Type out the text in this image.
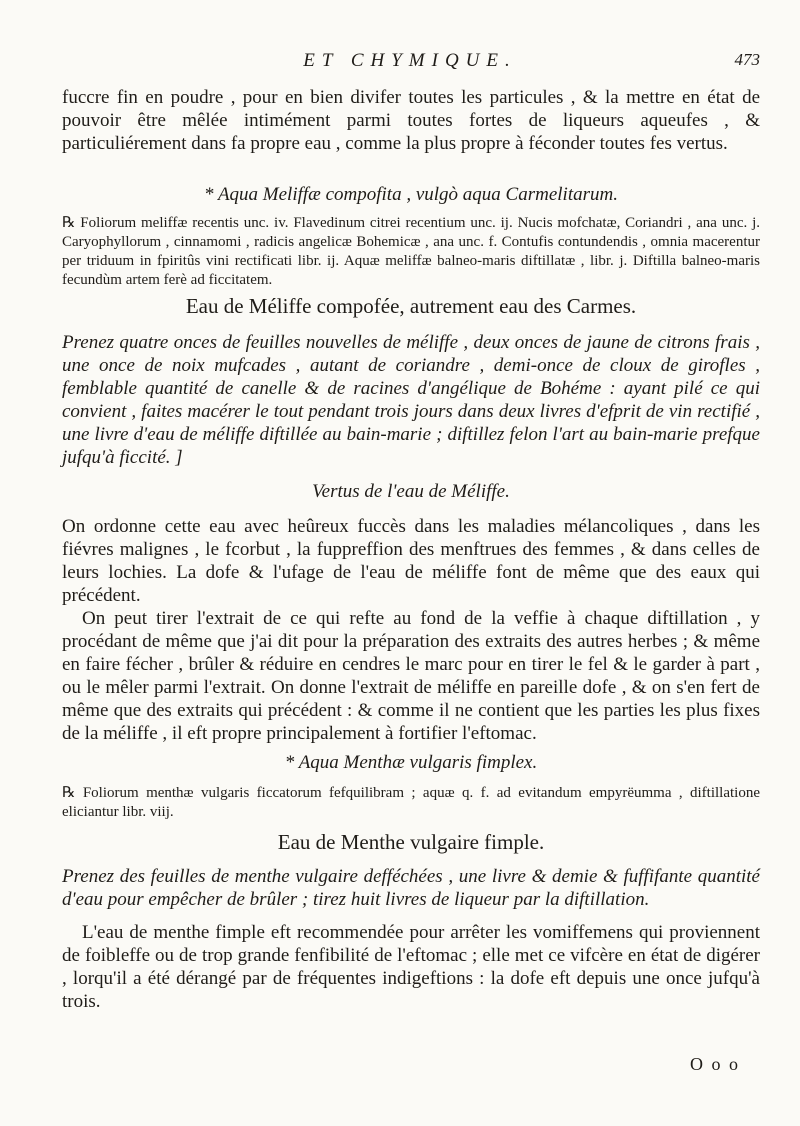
ET CHYMIQUE.	473

fuccre fin en poudre , pour en bien divifer toutes les particules , & la mettre en état de pouvoir être mêlée intimément parmi toutes fortes de liqueurs aqueufes , & particuliérement dans fa propre eau , comme la plus propre à féconder toutes fes vertus.

* Aqua Meliffæ compofita , vulgò aqua Carmelitarum.

℞ Foliorum meliffæ recentis unc. iv. Flavedinum citrei recentium unc. ij. Nucis mofchatæ, Coriandri , ana unc. j. Caryophyllorum , cinnamomi , radicis angelicæ Bohemicæ , ana unc. f. Contufis contundendis , omnia macerentur per triduum in fpiritûs vini rectificati libr. ij. Aquæ meliffæ balneo-maris diftillatæ , libr. j. Diftilla balneo-maris fecundùm artem ferè ad ficcitatem.

Eau de Méliffe compofée, autrement eau des Carmes.

Prenez quatre onces de feuilles nouvelles de méliffe , deux onces de jaune de citrons frais , une once de noix mufcades , autant de coriandre , demi-once de cloux de girofles , femblable quantité de canelle & de racines d'angélique de Bohéme : ayant pilé ce qui convient , faites macérer le tout pendant trois jours dans deux livres d'efprit de vin rectifié , une livre d'eau de méliffe diftillée au bain-marie ; diftillez felon l'art au bain-marie prefque jufqu'à ficcité. ]

Vertus de l'eau de Méliffe.

On ordonne cette eau avec heûreux fuccès dans les maladies mélancoliques , dans les fiévres malignes , le fcorbut , la fuppreffion des menftrues des femmes , & dans celles de leurs lochies. La dofe & l'ufage de l'eau de méliffe font de même que des eaux qui précédent.

On peut tirer l'extrait de ce qui refte au fond de la veffie à chaque diftillation , y procédant de même que j'ai dit pour la préparation des extraits des autres herbes ; & même en faire fécher , brûler & réduire en cendres le marc pour en tirer le fel & le garder à part , ou le mêler parmi l'extrait. On donne l'extrait de méliffe en pareille dofe , & on s'en fert de même que des extraits qui précédent : & comme il ne contient que les parties les plus fixes de la méliffe , il eft propre principalement à fortifier l'eftomac.

* Aqua Menthæ vulgaris fimplex.

℞ Foliorum menthæ vulgaris ficcatorum fefquilibram ; aquæ q. f. ad evitandum empyrëumma , diftillatione eliciantur libr. viij.

Eau de Menthe vulgaire fimple.

Prenez des feuilles de menthe vulgaire defféchées , une livre & demie & fuffifante quantité d'eau pour empêcher de brûler ; tirez huit livres de liqueur par la diftillation.

L'eau de menthe fimple eft recommendée pour arrêter les vomiffemens qui proviennent de foibleffe ou de trop grande fenfibilité de l'eftomac ; elle met ce vifcère en état de digérer , lorqu'il a été dérangé par de fréquentes indigeftions : la dofe eft depuis une once jufqu'à trois.

O o o
